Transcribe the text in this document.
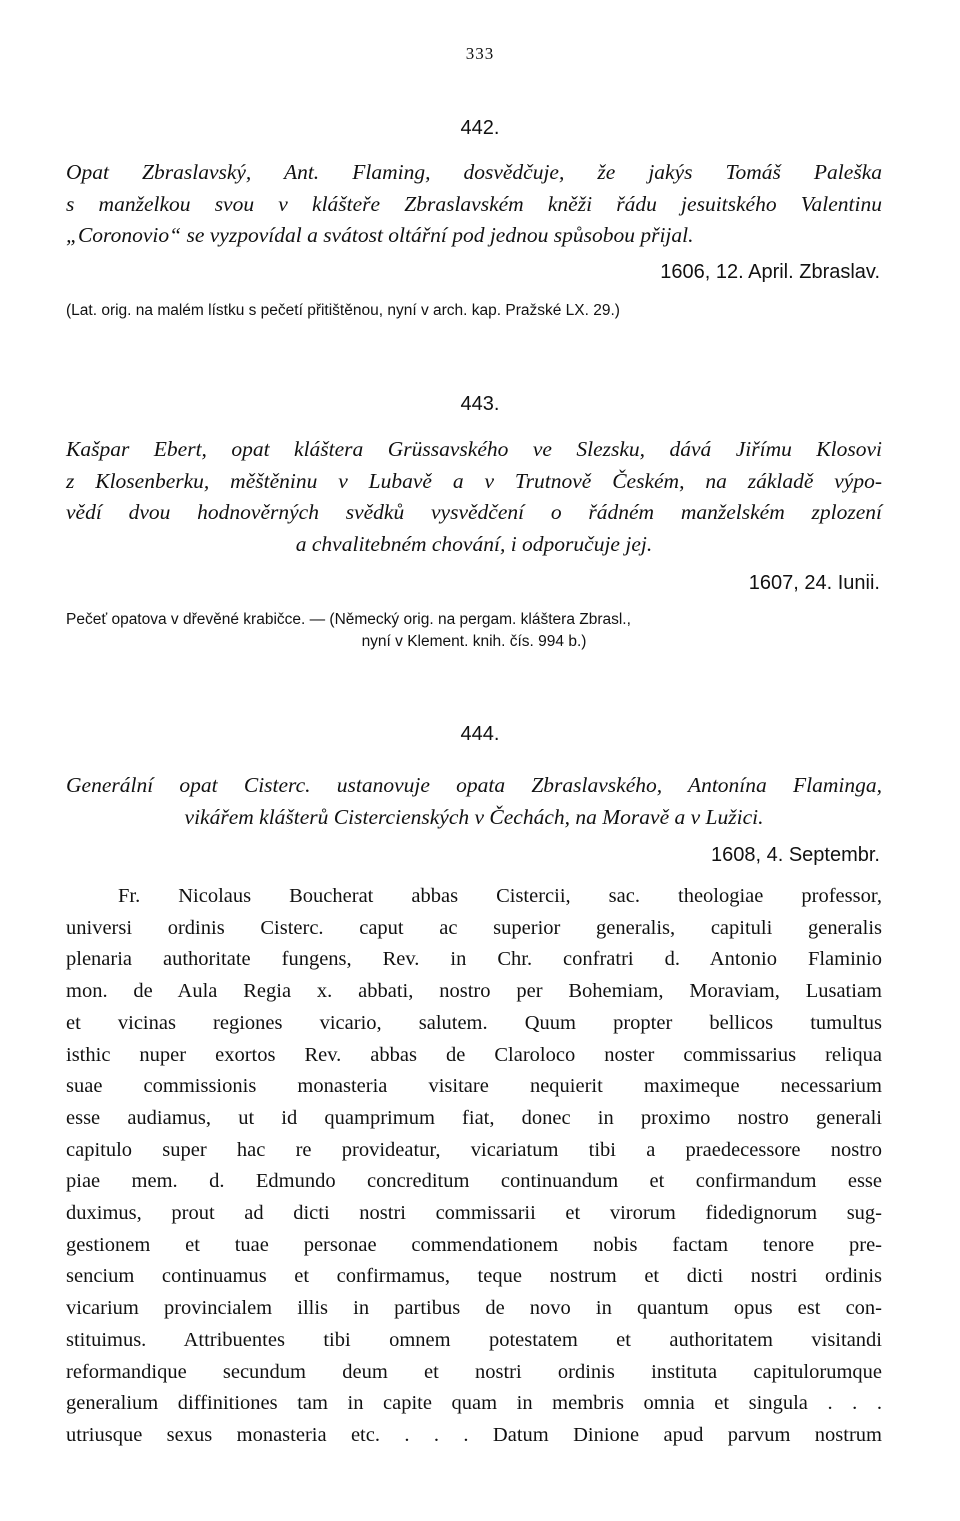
333
442.
Opat Zbraslavský, Ant. Flaming, dosvědčuje, že jakýs Tomáš Paleška
s manželkou svou v klášteře Zbraslavském kněži řádu jesuitského Valentinu
„Coronovio“ se vyzpovídal a svátost oltářní pod jednou spůsobou přijal.
1606, 12. April. Zbraslav.
(Lat. orig. na malém lístku s pečetí přitištěnou, nyní v arch. kap. Pražské LX. 29.)
443.
Kašpar Ebert, opat kláštera Grüssavského ve Slezsku, dává Jiřímu Klosovi
z Klosenberku, měštěninu v Lubavě a v Trutnově Českém, na základě výpo-
vědí dvou hodnověrných svědků vysvědčení o řádném manželském zplození
a chvalitebném chování, i odporučuje jej.
1607, 24. Iunii.
Pečeť opatova v dřevěné krabičce. — (Německý orig. na pergam. kláštera Zbrasl.,
nyní v Klement. knih. čís. 994 b.)
444.
Generální opat Cisterc. ustanovuje opata Zbraslavského, Antonína Flaminga,
vikářem klášterů Cistercienských v Čechách, na Moravě a v Lužici.
1608, 4. Septembr.
Fr. Nicolaus Boucherat abbas Cistercii, sac. theologiae professor,
universi ordinis Cisterc. caput ac superior generalis, capituli generalis
plenaria authoritate fungens, Rev. in Chr. confratri d. Antonio Flaminio
mon. de Aula Regia x. abbati, nostro per Bohemiam, Moraviam, Lusatiam
et vicinas regiones vicario, salutem. Quum propter bellicos tumultus
isthic nuper exortos Rev. abbas de Claroloco noster commissarius reliqua
suae commissionis monasteria visitare nequierit maximeque necessarium
esse audiamus, ut id quamprimum fiat, donec in proximo nostro generali
capitulo super hac re provideatur, vicariatum tibi a praedecessore nostro
piae mem. d. Edmundo concreditum continuandum et confirmandum esse
duximus, prout ad dicti nostri commissarii et virorum fidedignorum sug-
gestionem et tuae personae commendationem nobis factam tenore pre-
sencium continuamus et confirmamus, teque nostrum et dicti nostri ordinis
vicarium provincialem illis in partibus de novo in quantum opus est con-
stituimus. Attribuentes tibi omnem potestatem et authoritatem visitandi
reformandique secundum deum et nostri ordinis instituta capitulorumque
generalium diffinitiones tam in capite quam in membris omnia et singula . . .
utriusque sexus monasteria etc. . . . Datum Dinione apud parvum nostrum
